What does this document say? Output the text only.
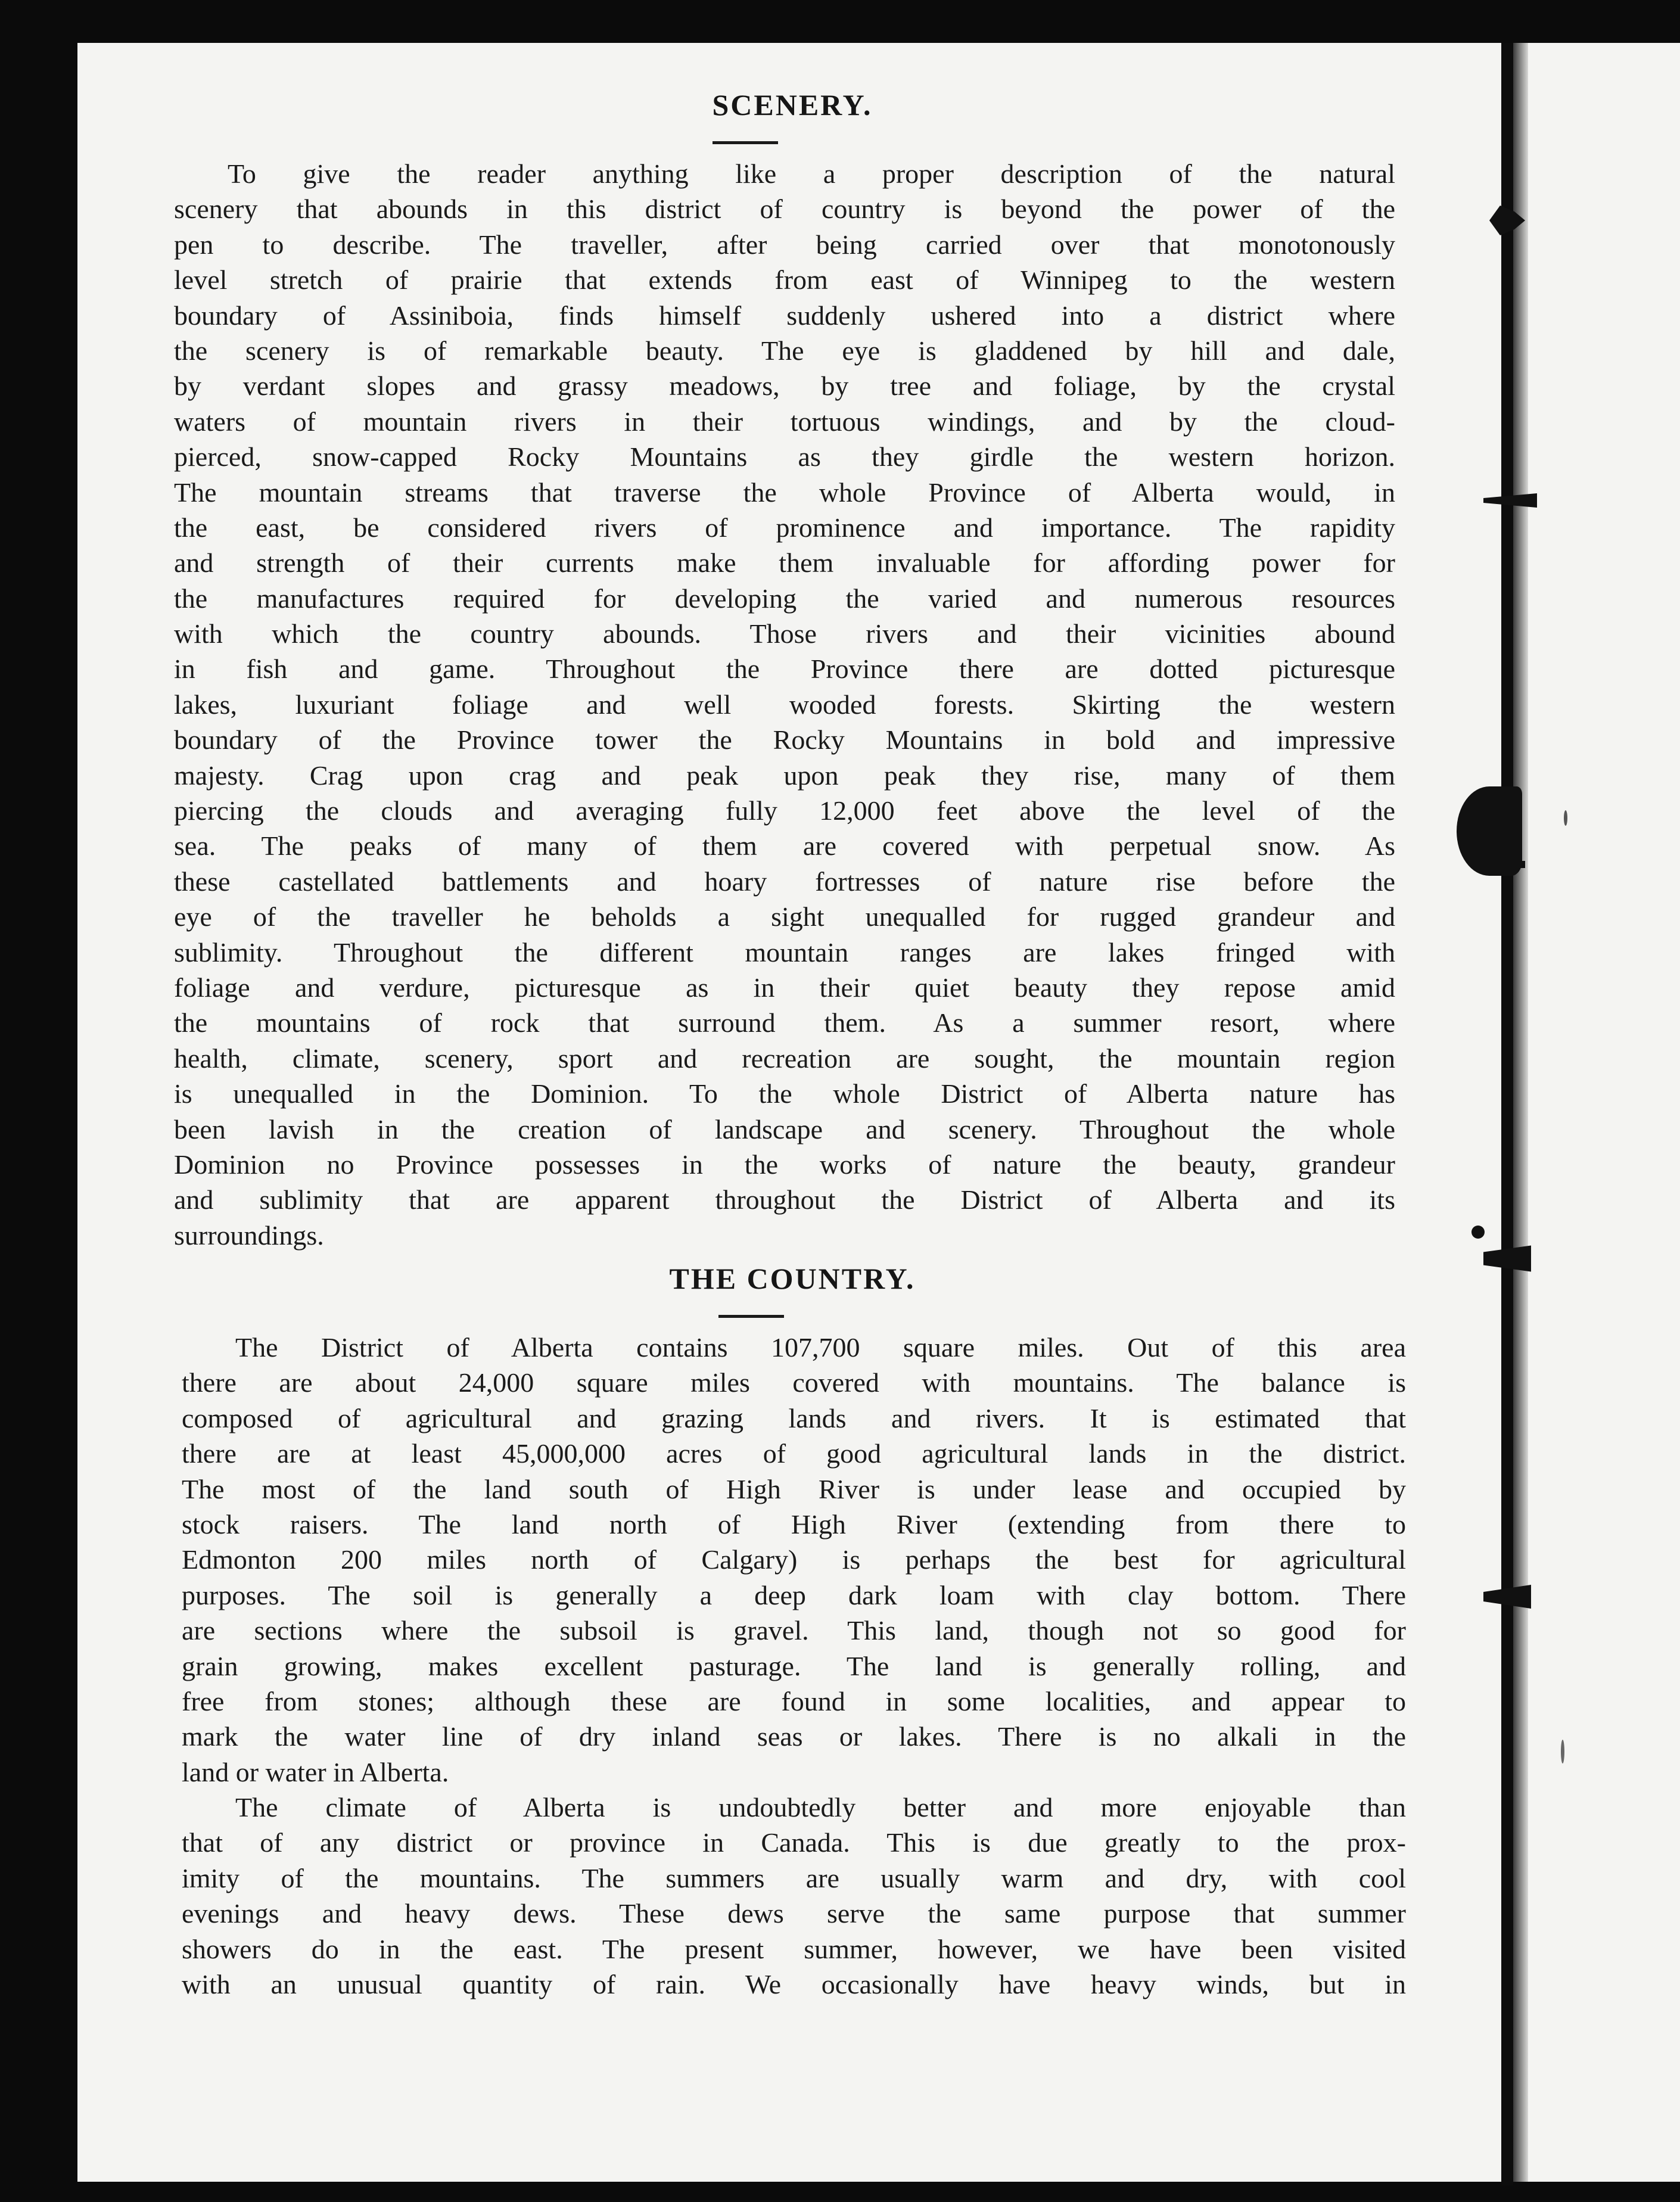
SCENERY.
To give the reader anything like a proper description of the natural
scenery that abounds in this district of country is beyond the power of the
pen to describe. The traveller, after being carried over that monotonously
level stretch of prairie that extends from east of Winnipeg to the western
boundary of Assiniboia, finds himself suddenly ushered into a district where
the scenery is of remarkable beauty. The eye is gladdened by hill and dale,
by verdant slopes and grassy meadows, by tree and foliage, by the crystal
waters of mountain rivers in their tortuous windings, and by the cloud-
pierced, snow-capped Rocky Mountains as they girdle the western horizon.
The mountain streams that traverse the whole Province of Alberta would, in
the east, be considered rivers of prominence and importance. The rapidity
and strength of their currents make them invaluable for affording power for
the manufactures required for developing the varied and numerous resources
with which the country abounds. Those rivers and their vicinities abound
in fish and game. Throughout the Province there are dotted picturesque
lakes, luxuriant foliage and well wooded forests. Skirting the western
boundary of the Province tower the Rocky Mountains in bold and impressive
majesty. Crag upon crag and peak upon peak they rise, many of them
piercing the clouds and averaging fully 12,000 feet above the level of the
sea. The peaks of many of them are covered with perpetual snow. As
these castellated battlements and hoary fortresses of nature rise before the
eye of the traveller he beholds a sight unequalled for rugged grandeur and
sublimity. Throughout the different mountain ranges are lakes fringed with
foliage and verdure, picturesque as in their quiet beauty they repose amid
the mountains of rock that surround them. As a summer resort, where
health, climate, scenery, sport and recreation are sought, the mountain region
is unequalled in the Dominion. To the whole District of Alberta nature has
been lavish in the creation of landscape and scenery. Throughout the whole
Dominion no Province possesses in the works of nature the beauty, grandeur
and sublimity that are apparent throughout the District of Alberta and its
surroundings.
THE COUNTRY.
The District of Alberta contains 107,700 square miles. Out of this area
there are about 24,000 square miles covered with mountains. The balance is
composed of agricultural and grazing lands and rivers. It is estimated that
there are at least 45,000,000 acres of good agricultural lands in the district.
The most of the land south of High River is under lease and occupied by
stock raisers. The land north of High River (extending from there to
Edmonton 200 miles north of Calgary) is perhaps the best for agricultural
purposes. The soil is generally a deep dark loam with clay bottom. There
are sections where the subsoil is gravel. This land, though not so good for
grain growing, makes excellent pasturage. The land is generally rolling, and
free from stones; although these are found in some localities, and appear to
mark the water line of dry inland seas or lakes. There is no alkali in the
land or water in Alberta.
The climate of Alberta is undoubtedly better and more enjoyable than
that of any district or province in Canada. This is due greatly to the prox-
imity of the mountains. The summers are usually warm and dry, with cool
evenings and heavy dews. These dews serve the same purpose that summer
showers do in the east. The present summer, however, we have been visited
with an unusual quantity of rain. We occasionally have heavy winds, but in
